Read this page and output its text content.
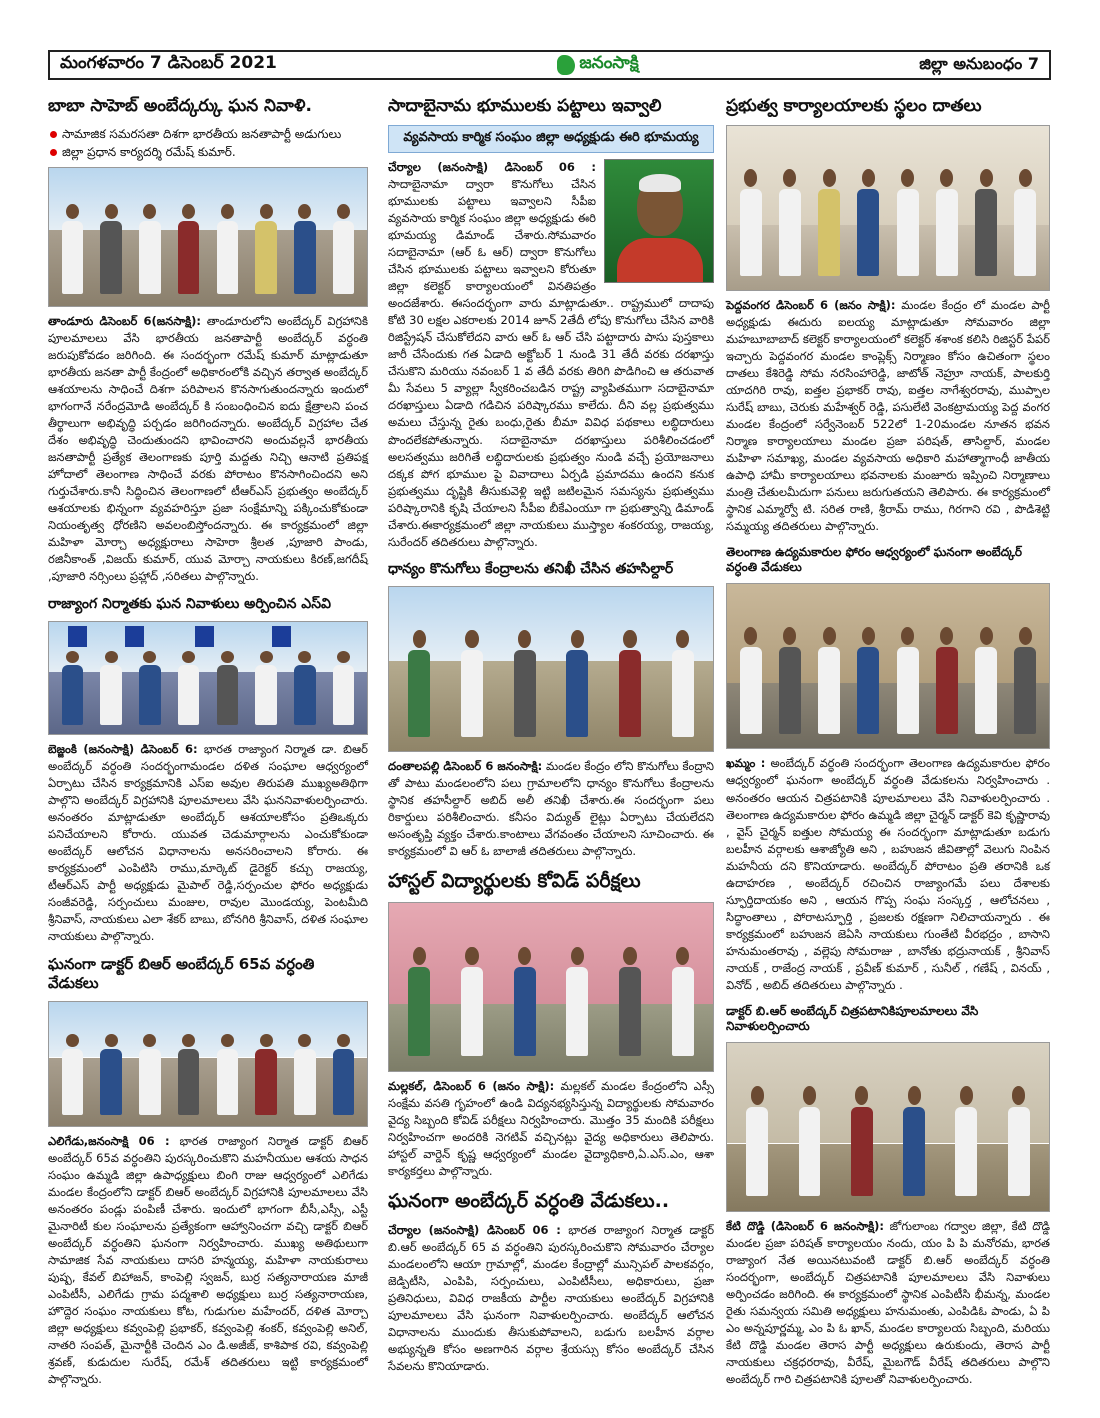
మంగళవారం 7 డిసెంబర్ 2021	జనంసాక్షి	జిల్లా అనుబంధం 7
బాబా సాహెబ్ అంబేద్కర్కు ఘన నివాళి.
సామాజిక సమరసతా దిశగా భారతీయ జనతాపార్టీ అడుగులు
జిల్లా ప్రధాన కార్యదర్శి రమేష్ కుమార్.

తాండూరు డిసెంబర్ 6(జనసాక్షి): తాండూరులోని అంబేద్కర్ విగ్రహానికి పూలమాలలు వేసి భారతీయ జనతాపార్టీ అంబేద్కర్ వర్ధంతి జరుపుకోవడం జరిగింది. ఈ సందర్భంగా రమేష్ కుమార్ మాట్లాడుతూ భారతీయ జనతా పార్టీ కేంద్రంలో అధికారంలోకి వచ్చిన తర్వాత అంబేద్కర్ ఆశయాలను సాధించే దిశగా పరిపాలన కొనసాగుతుందన్నారు ఇందులో భాగంగానే నరేంద్రమోడి అంబేద్కర్ కి సంబంధించిన ఐదు క్షేత్రాలని పంచ తీర్థాలుగా అభివృద్ధి పర్చడం జరిగిందన్నారు. అంబేద్కర్ విగ్రహాల చేత దేశం అభివృద్ధి చెందుతుందని భావించారని అందువల్లనే భారతీయ జనతాపార్టీ ప్రత్యేక తెలంగాణకు పూర్తి మద్దతు నిచ్చి ఆనాటి ప్రతిపక్ష హోదాలో తెలంగాణ సాధించే వరకు పోరాటం కొనసాగించిందని అని గుర్తుచేశారు.కానీ సిద్ధించిన తెలంగాణలో టీఆర్ఎస్ ప్రభుత్వం అంబేద్కర్ ఆశయాలకు భిన్నంగా వ్యవహరిస్తూ ప్రజా సంక్షేమాన్ని పక్కించుకోకుండా నియంతృత్వ ధోరణిని అవలంబిస్తోందన్నారు. ఈ కార్యక్రమంలో జిల్లా మహిళా మోర్చా అధ్యక్షురాలు సాహెరా శ్రీలత ,పూజారి పాండు, రజినీకాంత్ ,విజయ్ కుమార్, యువ మోర్చా నాయకులు కిరణ్,జగదీష్ ,పూజారి నర్సింలు ప్రహ్లాద్ ,సరితలు పాల్గొన్నారు.

రాజ్యాంగ నిర్మాతకు ఘన నివాళులు అర్పించిన ఎస్‌వి

బెజ్జంకి (జనంసాక్షి) డిసెంబర్ 6: భారత రాజ్యాంగ నిర్మాత డా. బిఆర్ అంబేద్కర్ వర్ధంతి సందర్భంగామండల దళిత సంఘాల ఆధ్వర్యంలో ఏర్పాటు చేసిన కార్యక్రమానికి ఎస్‌ఐ అవుల తిరుపతి ముఖ్యఅతిథిగా పాల్గొని అంబేద్కర్ విగ్రహానికి పూలమాలలు వేసి ఘననివాళులర్పించారు. అనంతరం మాట్లాడుతూ అంబేద్కర్ ఆశయాలకోసం ప్రతిఒక్కరు పనిచేయాలని కోరారు. యువత చెడుమార్గాలను ఎంచుకోకుండా అంబేద్కర్ ఆలోచన విధానాలను అనసరించాలని కోరారు. ఈ కార్యక్రమంలో ఎంపిటిసి రాము,మార్కెట్ డైరెక్టర్ కచ్చు రాజయ్య, టీఆర్ఎస్ పార్టీ అధ్యక్షుడు మైపాల్ రెడ్డి,సర్పంచుల ఫోరం అధ్యక్షుడు సంజీవరెడ్డి, సర్పంచులు మంజుల, రావుల మొండయ్య, పెంటమీది శ్రీనివాస్, నాయకులు ఎలా శేకర్ బాబు, బోనగిరి శ్రీనివాస్, దళిత సంఘాల నాయకులు పాల్గొన్నారు.

ఘనంగా డాక్టర్ బిఆర్ అంబేద్కర్ 65వ వర్ధంతి వేడుకలు

ఎలిగేడు,జనంసాక్షి 06 : భారత రాజ్యాంగ నిర్మాత డాక్టర్ బిఆర్ అంబేద్కర్ 65వ వర్ధంతిని పురస్కరించుకొని మహనీయుల ఆశయ సాధన సంఘం ఉమ్మడి జిల్లా ఉపాధ్యక్షులు బింగి రాజు ఆధ్వర్యంలో ఎలిగేడు మండల కేంద్రంలోని డాక్టర్ బిఆర్ అంబేద్కర్ విగ్రహానికి పూలమాలలు వేసి అనంతరం పండ్లు పంపిణీ చేశారు. ఇందులో భాగంగా బీసీ,ఎస్సీ, ఎస్టీ మైనారిటీ కుల సంఘాలను ప్రత్యేకంగా ఆహ్వానించగా వచ్చి డాక్టర్ బిఆర్ అంబేద్కర్ వర్ధంతిని ఘనంగా నిర్వహించారు. ముఖ్య అతిథులుగా సామాజిక సేవ నాయకులు దాసరి హన్మయ్య, మహిళా నాయకురాలు పుష్ప, కేవల్ బిహాజన్, కాంపెల్లి స్వజన్, బుర్ర సత్యనారాయణ మాజీ ఎంపిటీసీ, ఎలిగేడు గ్రామ పద్మశాలి అధ్యక్షులు బుర్ర సత్యనారాయణ, హొద్దెర సంఘం నాయకులు కోట, గుడుగుల మహేందర్, దళిత మోర్చా జిల్లా అధ్యక్షులు కవ్వంపెల్లి ప్రభాకర్, కవ్వంపెల్లి శంకర్, కవ్వంపెల్లి అనిల్, నాతరి సంపత్, మైనార్టీకి చెందిన ఎం డి.అజీజ్, కాశిపాక రవి, కవ్వంపెల్లి శ్రవణ్, కుడుదుల సురేష్, రమేశ్ తదితరులు ఇట్టి కార్యక్రమంలో పాల్గొన్నారు.

సాదాబైనామ భూములకు పట్టాలు ఇవ్వాలి
వ్యవసాయ కార్మిక సంఘం జిల్లా అధ్యక్షుడు ఈరి భూమయ్య

చేర్యాల (జనంసాక్షి) డిసెంబర్ 06 : సాదాబైనామా ద్వారా కొనుగోలు చేసిన భూములకు పట్టాలు ఇవ్వాలని సీపీఐ వ్యవసాయ కార్మిక సంఘం జిల్లా అధ్యక్షుడు ఈరి భూమయ్య డిమాండ్ చేశారు.సోమవారం సదాబైనామా (ఆర్ ఓ ఆర్) ద్వారా కొనుగోలు చేసిన భూములకు పట్టాలు ఇవ్వాలని కోరుతూ జిల్లా కలెక్టర్ కార్యాలయంలో వినతిపత్రం అందజేశారు. ఈసందర్భంగా వారు మాట్లాడుతూ.. రాష్ట్రములో దాదాపు కోటి 30 లక్షల ఎకరాలకు 2014 జూన్ 2తేదీ లోపు కొనుగోలు చేసిన వారికి రిజిస్ట్రేషన్ చేసుకోలేదని వారు ఆర్ ఓ ఆర్ చేసి పట్టాదారు పాసు పుస్తకాలు జారీ చేసేందుకు గత ఏడాది అక్టోబర్ 1 నుండి 31 తేదీ వరకు దరఖాస్తు చేసుకొని మరియు నవంబర్ 1 వ తేదీ వరకు తిరిగి పొడిగించి ఆ తరువాత మీ సేవలు 5 వ్యాల్లా స్వీకరించబడిన రాష్ట్ర వ్యాపితముగా సదాబైనామా దరఖాస్తులు ఏడాది గడిచిన పరిష్కారము కాలేదు. దీని వల్ల ప్రభుత్వము అమలు చేస్తున్న రైతు బంధు,రైతు బీమా వివిధ పథకాలు లబ్ధిదారులు పొందలేకపోతున్నారు. సదాబైనామా దరఖాస్తులు పరిశీలించడంలో అలసత్వము జరిగితే లబ్ధిదారులకు ప్రభుత్వం నుండి వచ్చే ప్రయోజనాలు దక్కక పోగ భూముల పై వివాదాలు ఏర్పడి ప్రమాదము ఉందని కనుక ప్రభుత్వము దృష్టికి తీసుకువెళ్లి ఇట్టి జటిలమైన సమస్యను ప్రభుత్వము పరిష్కారానికి కృషి చేయాలని సీపీఐ బీకేఎంయూ గా ప్రభుత్వాన్ని డిమాండ్ చేశారు.ఈకార్యక్రమంలో జిల్లా నాయకులు ముస్త్యాల శంకరయ్య, రాజయ్య, సురేందర్ తదితరులు పాల్గొన్నారు.

ధాన్యం కొనుగోలు కేంద్రాలను తనిఖీ చేసిన తహసిల్దార్

దంతాలపల్లి డిసెంబర్ 6 జనంసాక్షి: మండల కేంద్రం లోని కొనుగోలు కేంద్రాని తో పాటు మండలంలోని పలు గ్రామాలలోని ధాన్యం కొనుగోలు కేంద్రాలను స్థానిక తహసీల్దార్ అబిద్ అలీ తనిఖీ చేశారు.ఈ సందర్భంగా పలు రికార్డులు పరిశీలించారు. కనీసం విద్యుత్ లైట్లు ఏర్పాటు చేయలేదని అసంతృప్తి వ్యక్తం చేశారు.కాంటాలు వేగవంతం చేయాలని సూచించారు. ఈ కార్యక్రమంలో వి ఆర్ ఓ బాలాజీ తదితరులు పాల్గొన్నారు.

హాస్టల్ విద్యార్థులకు కోవిడ్ పరీక్షలు

మల్లకల్, డిసెంబర్ 6 (జనం సాక్షి): మల్లకల్ మండల కేంద్రంలోని ఎస్సీ సంక్షేమ వసతి గృహంలో ఉండి విద్యనభ్యసిస్తున్న విద్యార్థులకు సోమవారం వైద్య సిబ్బంది కోవిడ్ పరీక్షలు నిర్వహించారు. మొత్తం 35 మందికి పరీక్షలు నిర్వహించగా అందరికి నెగటివ్ వచ్చినట్లు వైద్య అధికారులు తెలిపారు. హాస్టల్ వార్డెన్ కృష్ణ ఆధ్వర్యంలో మండల వైద్యాధికారి,ఏ.ఎస్.ఎం, ఆశా కార్యకర్తలు పాల్గొన్నారు.

ఘనంగా అంబేద్కర్ వర్ధంతి వేడుకలు..

చేర్యాల (జనంసాక్షి) డిసెంబర్ 06 : భారత రాజ్యాంగ నిర్మాత డాక్టర్ బి.ఆర్ అంబేద్కర్ 65 వ వర్ధంతిని పురస్కరించుకొని సోమవారం చేర్యాల మండలంలోని ఆయా గ్రామాల్లో, మండల కేంద్రాల్లో మున్సిపల్ పాలకవర్గం, జెడ్పిటీసి, ఎంపిపి, సర్పంచులు, ఎంపిటీసీలు, అధికారులు, ప్రజా ప్రతినిధులు, వివిధ రాజకీయ పార్టీల నాయకులు అంబేద్కర్ విగ్రహానికి పూలమాలలు వేసి ఘనంగా నివాళులర్పించారు. అంబేద్కర్ ఆలోచన విధానాలను ముందుకు తీసుకుపోవాలని, బడుగు బలహీన వర్గాల అభ్యున్నతి కోసం అణగారిన వర్గాల శ్రేయస్సు కోసం అంబేద్కర్ చేసిన సేవలను కొనియాడారు.

ప్రభుత్వ కార్యాలయాలకు స్థలం దాతలు

పెద్దవంగర డిసెంబర్ 6 (జనం సాక్షి): మండల కేంద్రం లో మండల పార్టీ అధ్యక్షుడు ఈదురు ఐలయ్య మాట్లాడుతూ సోమవారం జిల్లా మహబూబాబాద్ కలెక్టర్ కార్యాలయంలో కలెక్టర్ శశాంక కలిసి రిజిస్టర్ పేపర్ ఇచ్చారు పెద్దవంగర మండల కాంప్లెక్స్ నిర్మాణం కోసం ఉచితంగా స్థలం దాతలు కేశిరెడ్డి సోమ నరసింహారెడ్డి, జాటోత్ నెహ్రూ నాయక్, పాలకుర్తి యాదగిరి రావు, ఐత్తల ప్రభాకర్ రావు, ఐత్తల నాగేశ్వరరావు, ముప్పాల సురేష్ బాబు, చెరుకు మహేశ్వర్ రెడ్డి, పసులేటి వెంకట్రామయ్య పెద్ద వంగర మండల కేంద్రంలో సర్వేనెంబర్ 522లో 1-20మండల నూతన భవన నిర్మాణ కార్యాలయాలు మండల ప్రజా పరిషత్, తాసిల్దార్, మండల మహిళా సమాఖ్య, మండల వ్యవసాయ అధికారి మహాత్మాగాంధీ జాతీయ ఉపాధి హామీ కార్యాలయాలు భవనాలకు మంజూరు ఇప్పించి నిర్మాణాలు మంత్రి చేతులమీదుగా పనులు జరుగుతయని తెలిపారు. ఈ కార్యక్రమంలో స్థానిక ఎమ్మార్వో టి. సరిత రాణి, శ్రీరామ్ రాము, గిరగాని రవి , పొడిశెట్టి సమ్మయ్య తదితరులు పాల్గొన్నారు.

తెలంగాణ ఉద్యమకారుల ఫోరం ఆధ్వర్యంలో ఘనంగా అంబేద్కర్ వర్ధంతి వేడుకలు

ఖమ్మం : అంబేద్కర్ వర్ధంతి సందర్భంగా తెలంగాణ ఉద్యమకారుల ఫోరం ఆధ్వర్యంలో ఘనంగా అంబేద్కర్ వర్ధంతి వేడుకలను నిర్వహించారు . అనంతరం ఆయన చిత్రపటానికి పూలమాలలు వేసి నివాళులర్పించారు . తెలంగాణ ఉద్యమకారుల ఫోరం ఉమ్మడి జిల్లా చైర్మన్ డాక్టర్ కెవి కృష్ణారావు , వైస్ చైర్మన్ ఐత్తుల సోమయ్య ఈ సందర్భంగా మాట్లాడుతూ బడుగు బలహీన వర్గాలకు ఆశాజ్యోతి అని , బహుజన జీవితాల్లో వెలుగు నింపిన మహనీయ దని కొనియాడారు. అంబేద్కర్ పోరాటం ప్రతి తరానికి ఒక ఉదాహరణ , అంబేద్కర్ రచించిన రాజ్యాంగమే పలు దేశాలకు స్ఫూర్తిదాయకం అని , ఆయన గొప్ప సంఘ సంస్కర్త , ఆలోచనలు , సిద్ధాంతాలు , పోరాటస్ఫూర్తి , ప్రజలకు రక్షణగా నిలిచాయన్నారు . ఈ కార్యక్రమంలో బహుజన జెఏసి నాయకులు గుంతేటి వీరభద్రం , బాసాని హనుమంతరావు , వల్లెపు సోమరాజు , బానోతు భద్రునాయక్ , శ్రీనివాస్ నాయక్ , రాజేంద్ర నాయక్ , ప్రవీణ్ కుమార్ , సునీల్ , గణేష్ , వినయ్ , వినోద్ , అబిద్ తదితరులు పాల్గొన్నారు .

డాక్టర్ బి.ఆర్ అంబేద్కర్ చిత్రపటానికిపూలమాలలు వేసి నివాళులర్పించారు

కేటి దొడ్డి (డిసెంబర్ 6 జనంసాక్షి): జోగులాంబ గద్వాల జిల్లా, కేటి దొడ్డి మండల ప్రజా పరిషత్ కార్యాలయం నందు, యం పి పి మనోరమ, భారత రాజ్యాంగ నేత అయినటువంటి డాక్టర్ బి.ఆర్ అంబేద్కర్ వర్ధంతి సందర్భంగా, అంబేద్కర్ చిత్రపటానికి పూలమాలలు వేసి నివాళులు అర్పించడం జరిగింది. ఈ కార్యక్రమంలో స్థానిక ఎంపిటీసి భీమన్న, మండల రైతు సమన్వయ సమితి అధ్యక్షులు హనుమంతు, ఎంపిడిఓ పాండు, ఏ పి ఎం అన్నపూర్ణమ్మ, ఎం పి ఓ ఖాన్, మండల కార్యాలయ సిబ్బంది, మరియు కేటి దొడ్డి మండల తెరాస పార్టీ అధ్యక్షులు ఉరుకుందు, తెరాస పార్టీ నాయకులు చక్రధరరావు, వీరేష్, మైబగౌడ్ వీరేష్ తదితరులు పాల్గొని అంబేద్కర్ గారి చిత్రపటానికి పూలతో నివాళులర్పించారు.
